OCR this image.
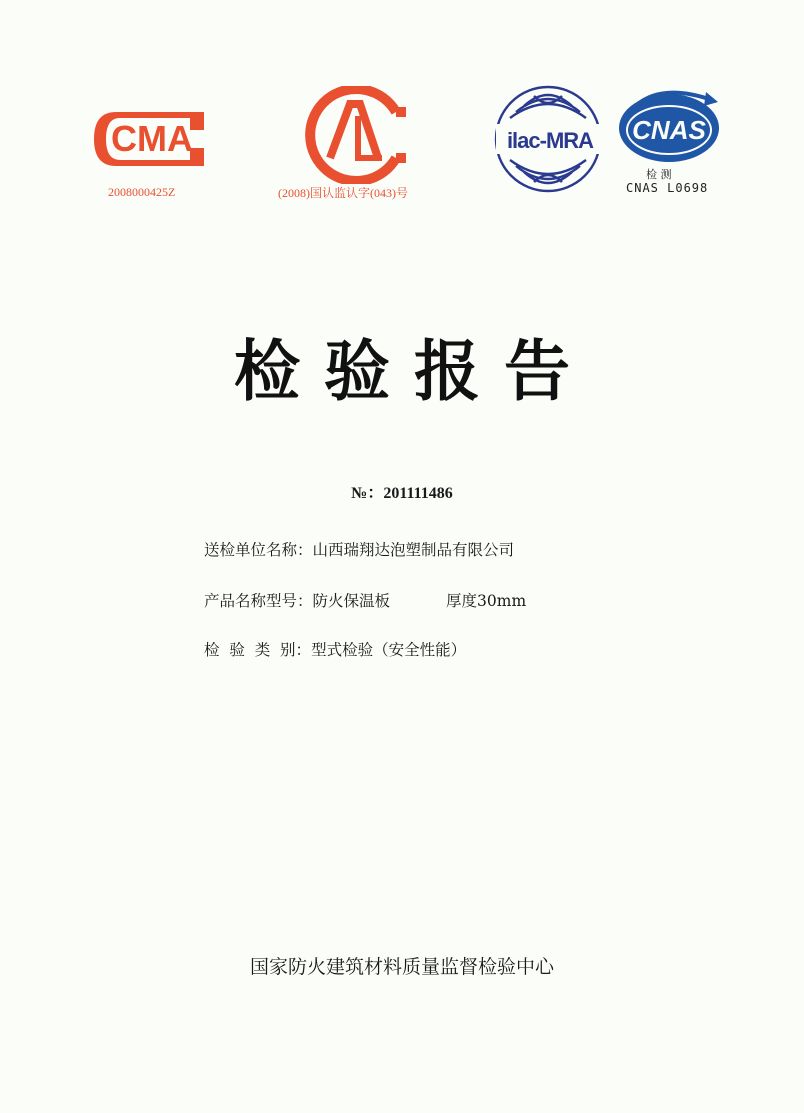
CMA
2008000425Z	(2008)国认监认字(043)号
ilac-MRA CNAS
检 测
CNAS L0698
检验报告
№：201111486
送检单位名称：山西瑞翔达泡塑制品有限公司
产品名称型号：防火保温板	厚度30mm
检  验  类  别：型式检验（安全性能）
国家防火建筑材料质量监督检验中心
